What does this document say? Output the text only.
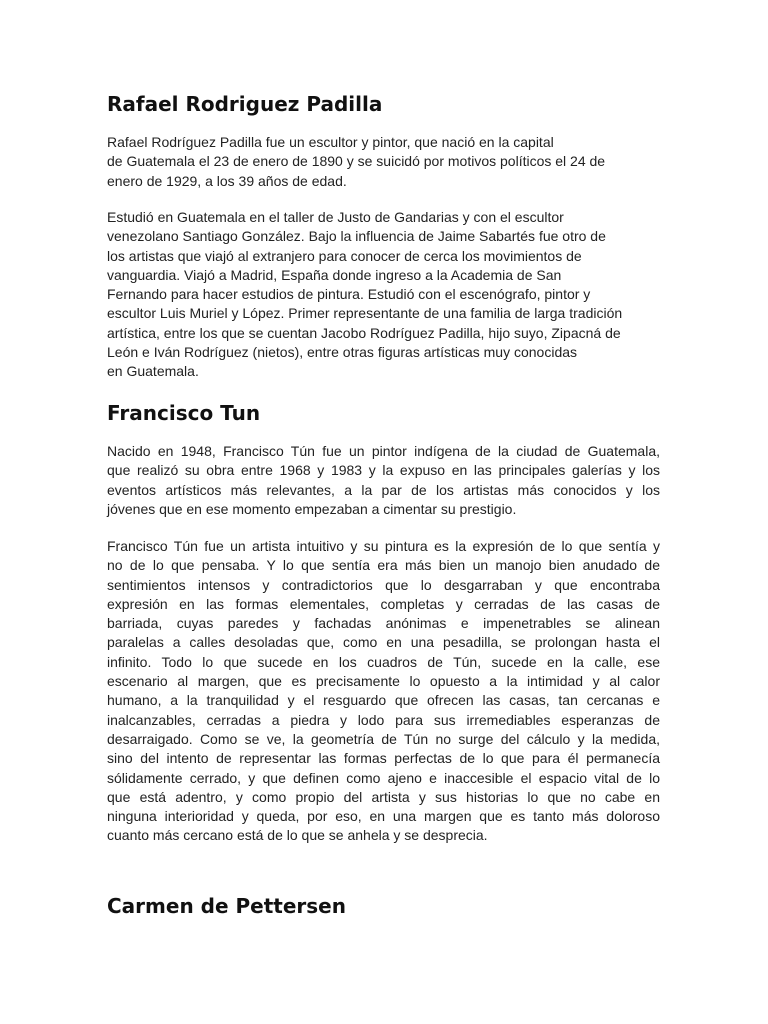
Rafael Rodriguez Padilla
Rafael Rodríguez Padilla fue un escultor y pintor, que nació en la capital
de Guatemala el 23 de enero de 1890 y se suicidó por motivos políticos el 24 de
enero de 1929, a los 39 años de edad.
Estudió en Guatemala en el taller de Justo de Gandarias y con el escultor
venezolano Santiago González. Bajo la influencia de Jaime Sabartés fue otro de
los artistas que viajó al extranjero para conocer de cerca los movimientos de
vanguardia. Viajó a Madrid, España donde ingreso a la Academia de San
Fernando para hacer estudios de pintura. Estudió con el escenógrafo, pintor y
escultor Luis Muriel y López. Primer representante de una familia de larga tradición
artística, entre los que se cuentan Jacobo Rodríguez Padilla, hijo suyo, Zipacná de
León e Iván Rodríguez (nietos), entre otras figuras artísticas muy conocidas
en Guatemala.
Francisco Tun
Nacido en 1948, Francisco Tún fue un pintor indígena de la ciudad de Guatemala,
que realizó su obra entre 1968 y 1983 y la expuso en las principales galerías y los
eventos artísticos más relevantes, a la par de los artistas más conocidos y los
jóvenes que en ese momento empezaban a cimentar su prestigio.
Francisco Tún fue un artista intuitivo y su pintura es la expresión de lo que sentía y
no de lo que pensaba. Y lo que sentía era más bien un manojo bien anudado de
sentimientos intensos y contradictorios que lo desgarraban y que encontraba
expresión en las formas elementales, completas y cerradas de las casas de
barriada, cuyas paredes y fachadas anónimas e impenetrables se alinean
paralelas a calles desoladas que, como en una pesadilla, se prolongan hasta el
infinito. Todo lo que sucede en los cuadros de Tún, sucede en la calle, ese
escenario al margen, que es precisamente lo opuesto a la intimidad y al calor
humano, a la tranquilidad y el resguardo que ofrecen las casas, tan cercanas e
inalcanzables, cerradas a piedra y lodo para sus irremediables esperanzas de
desarraigado. Como se ve, la geometría de Tún no surge del cálculo y la medida,
sino del intento de representar las formas perfectas de lo que para él permanecía
sólidamente cerrado, y que definen como ajeno e inaccesible el espacio vital de lo
que está adentro, y como propio del artista y sus historias lo que no cabe en
ninguna interioridad y queda, por eso, en una margen que es tanto más doloroso
cuanto más cercano está de lo que se anhela y se desprecia.
Carmen de Pettersen
